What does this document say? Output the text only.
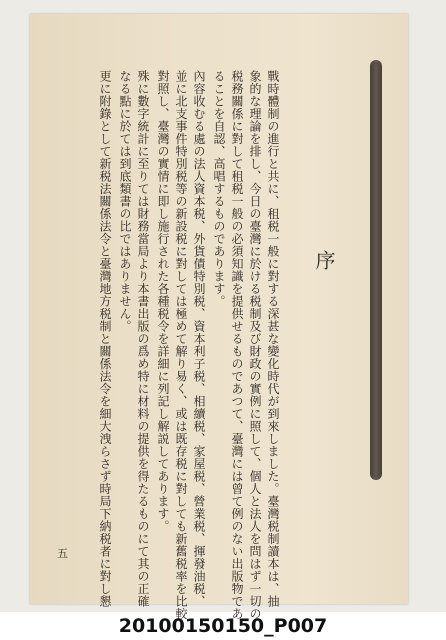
序
戰時體制の進行と共に、租税一般に對する深甚な變化時代が到來しました。臺灣税制讀本は、抽
象的な理論を排し、今日の臺灣に於ける税制及び財政の實例に照して、個人と法人を問はず一切の
税務關係に對して租税一般の必須知識を提供せるものであつて、臺灣には曾て例のない出版物であ
ることを自認、高唱するものであります。
內容收むる處の法人資本税、外貨債特別税、資本利子税、相續税、家屋税、營業税、揮發油税、
並に北支事件特別税等の新設税に對しては極めて解り易く、或は既存税に對しても新舊税率を比較
對照し、臺灣の實情に即し施行された各種税令を詳細に列記し解説してあります。
殊に數字統計に至りては財務當局より本書出版の爲め特に材料の提供を得たるものにて其の正確
なる點に於ては到底類書の比ではありません。
更に附錄として新税法關係法令と臺灣地方税制と關係法令を細大洩らさず時局下納税者に對し懇
五
20100150150_P007
